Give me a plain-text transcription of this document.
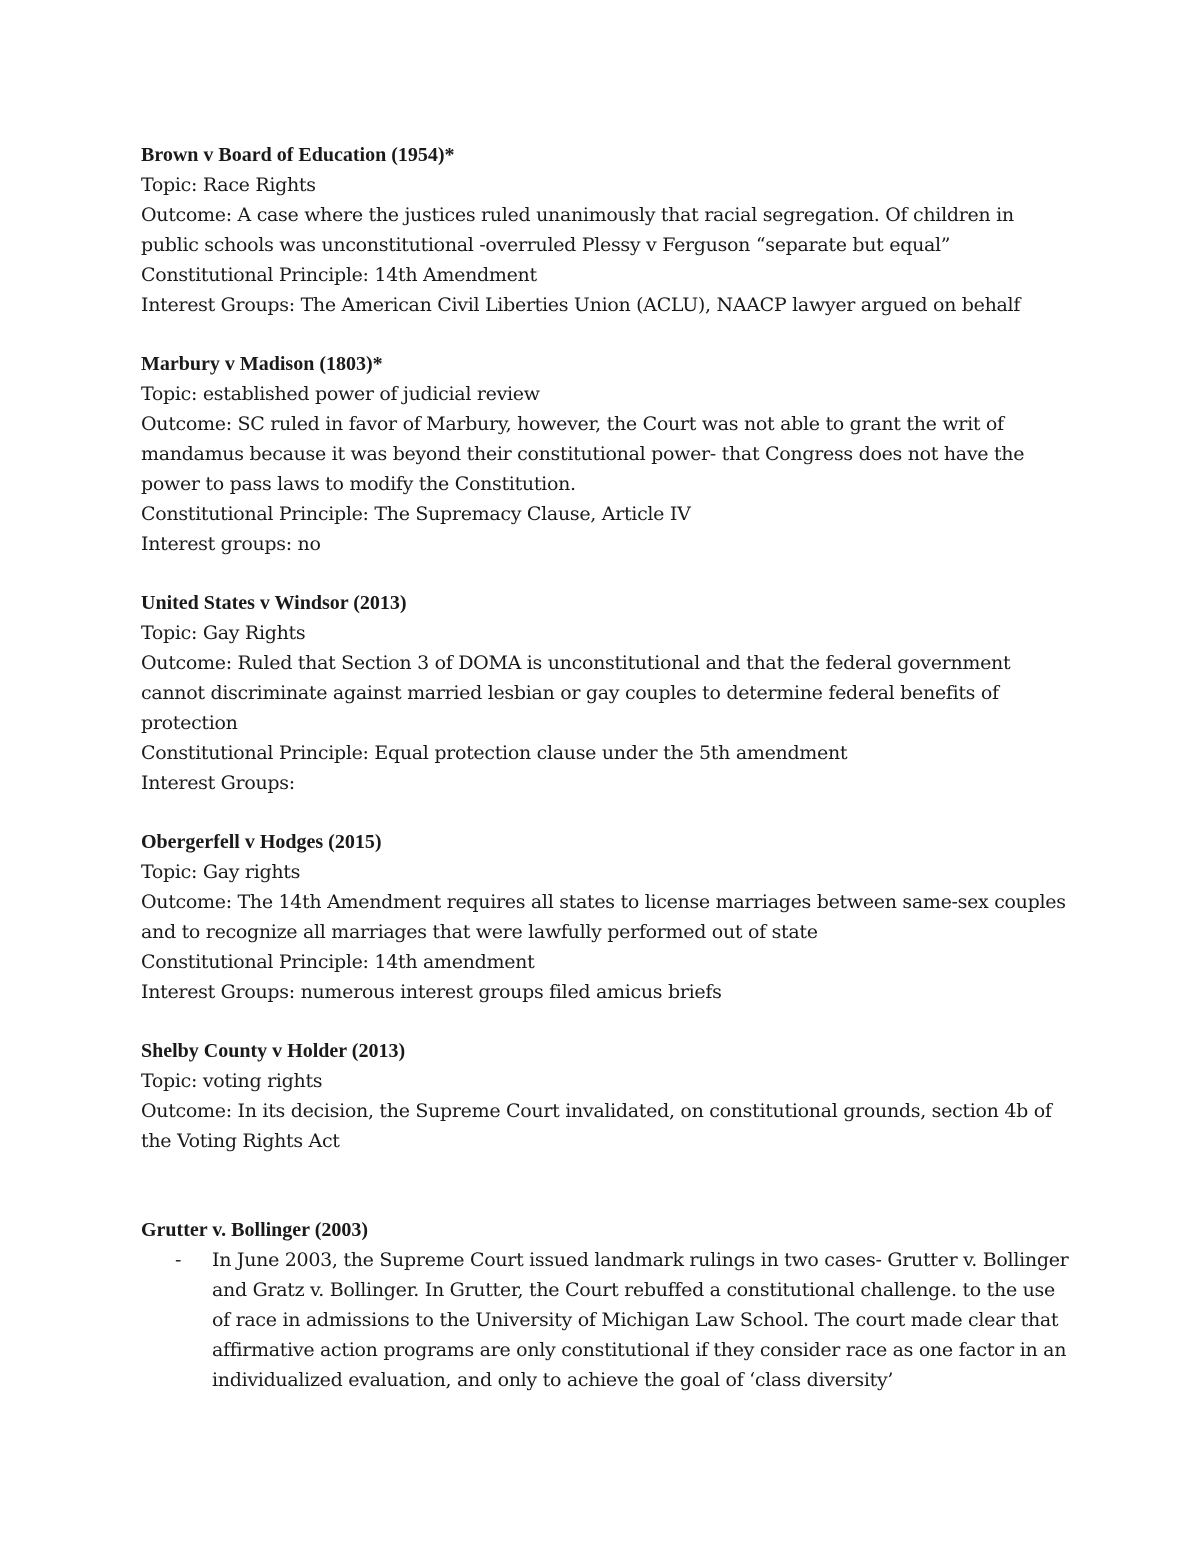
Brown v Board of Education (1954)*

Topic: Race Rights

Outcome: A case where the justices ruled unanimously that racial segregation. Of children in public schools was unconstitutional -overruled Plessy v Ferguson “separate but equal”

Constitutional Principle: 14th Amendment

Interest Groups: The American Civil Liberties Union (ACLU), NAACP lawyer argued on behalf

Marbury v Madison (1803)*

Topic: established power of judicial review

Outcome: SC ruled in favor of Marbury, however, the Court was not able to grant the writ of mandamus because it was beyond their constitutional power- that Congress does not have the power to pass laws to modify the Constitution.

Constitutional Principle: The Supremacy Clause, Article IV

Interest groups: no

United States v Windsor (2013)

Topic: Gay Rights

Outcome: Ruled that Section 3 of DOMA is unconstitutional and that the federal government cannot discriminate against married lesbian or gay couples to determine federal benefits of protection

Constitutional Principle: Equal protection clause under the 5th amendment

Interest Groups:

Obergerfell v Hodges (2015)

Topic: Gay rights

Outcome: The 14th Amendment requires all states to license marriages between same-sex couples and to recognize all marriages that were lawfully performed out of state

Constitutional Principle: 14th amendment

Interest Groups: numerous interest groups filed amicus briefs

Shelby County v Holder (2013)

Topic: voting rights

Outcome: In its decision, the Supreme Court invalidated, on constitutional grounds, section 4b of the Voting Rights Act

Grutter v. Bollinger (2003)

- In June 2003, the Supreme Court issued landmark rulings in two cases- Grutter v. Bollinger and Gratz v. Bollinger. In Grutter, the Court rebuffed a constitutional challenge. to the use of race in admissions to the University of Michigan Law School. The court made clear that affirmative action programs are only constitutional if they consider race as one factor in an individualized evaluation, and only to achieve the goal of ‘class diversity’
